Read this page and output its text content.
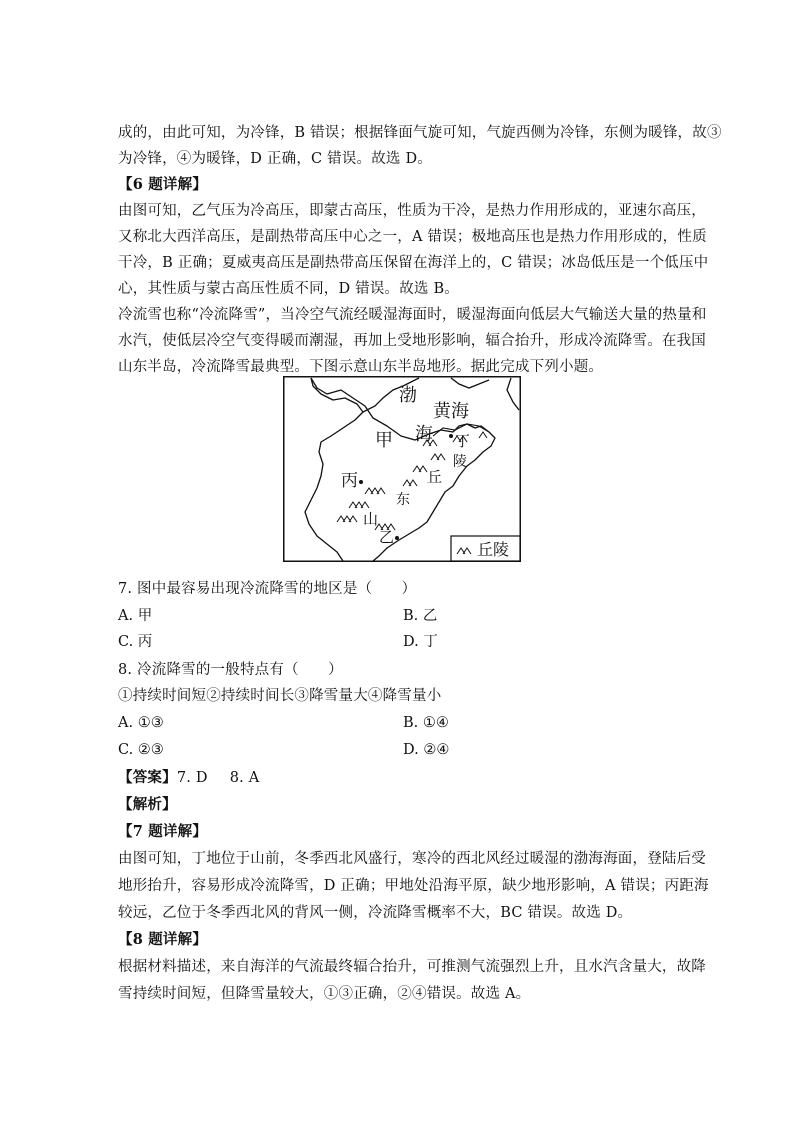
成的，由此可知，为冷锋，B 错误；根据锋面气旋可知，气旋西侧为冷锋，东侧为暖锋，故③
为冷锋，④为暖锋，D 正确，C 错误。故选 D。
【6 题详解】
由图可知，乙气压为冷高压，即蒙古高压，性质为干冷，是热力作用形成的，亚速尔高压，
又称北大西洋高压，是副热带高压中心之一，A 错误；极地高压也是热力作用形成的，性质
干冷，B 正确；夏威夷高压是副热带高压保留在海洋上的，C 错误；冰岛低压是一个低压中
心，其性质与蒙古高压性质不同，D 错误。故选 B。
冷流雪也称“冷流降雪”，当冷空气流经暖湿海面时，暖湿海面向低层大气输送大量的热量和
水汽，使低层冷空气变得暖而潮湿，再加上受地形影响，辐合抬升，形成冷流降雪。在我国
山东半岛，冷流降雪最典型。下图示意山东半岛地形。据此完成下列小题。
渤
黄海
甲 海 丁
陵
丘
丙
东
山
乙
丘陵
7. 图中最容易出现冷流降雪的地区是（　　）
A. 甲	B. 乙
C. 丙	D. 丁
8. 冷流降雪的一般特点有（　　）
①持续时间短②持续时间长③降雪量大④降雪量小
A. ①③	B. ①④
C. ②③	D. ②④
【答案】7. D 8. A
【解析】
【7 题详解】
由图可知，丁地位于山前，冬季西北风盛行，寒冷的西北风经过暖湿的渤海海面，登陆后受
地形抬升，容易形成冷流降雪，D 正确；甲地处沿海平原，缺少地形影响，A 错误；丙距海
较远，乙位于冬季西北风的背风一侧，冷流降雪概率不大，BC 错误。故选 D。
【8 题详解】
根据材料描述，来自海洋的气流最终辐合抬升，可推测气流强烈上升，且水汽含量大，故降
雪持续时间短，但降雪量较大，①③正确，②④错误。故选 A。
